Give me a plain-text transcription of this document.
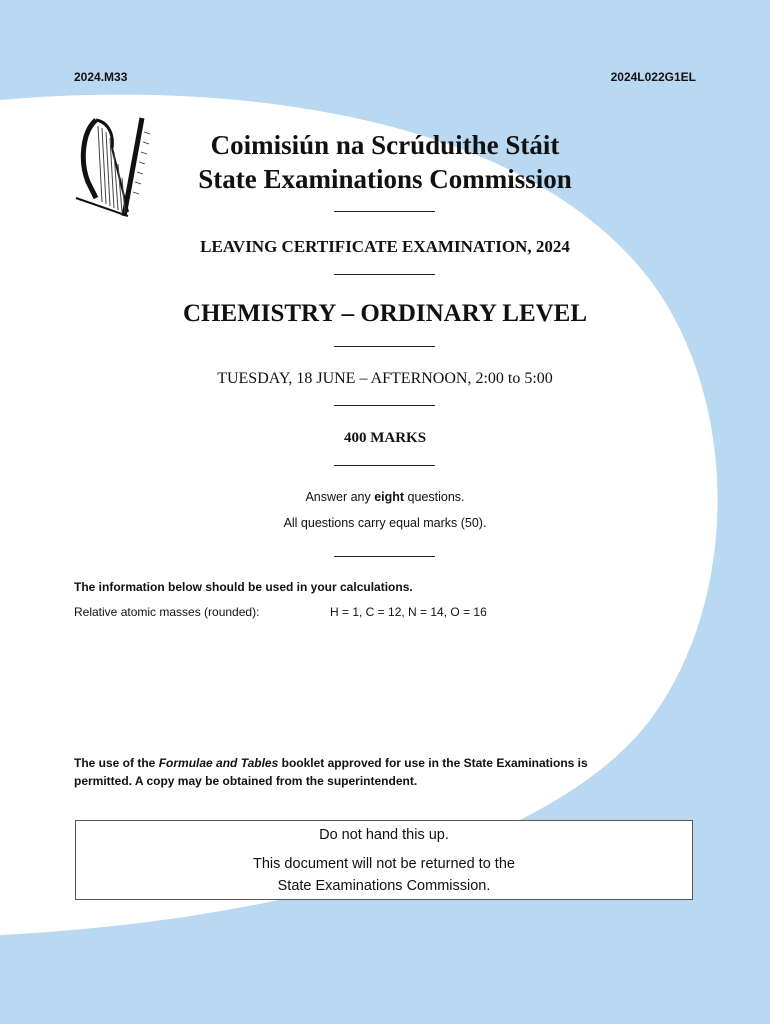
2024.M33	2024L022G1EL
Coimisiún na Scrúduithe Stáit
State Examinations Commission
LEAVING CERTIFICATE EXAMINATION, 2024
CHEMISTRY – ORDINARY LEVEL
TUESDAY, 18 JUNE – AFTERNOON, 2:00 to 5:00
400 MARKS
Answer any eight questions.
All questions carry equal marks (50).
The information below should be used in your calculations.
Relative atomic masses (rounded):	H = 1, C = 12, N = 14, O = 16
The use of the Formulae and Tables booklet approved for use in the State Examinations is
permitted. A copy may be obtained from the superintendent.
Do not hand this up.
This document will not be returned to the
State Examinations Commission.
